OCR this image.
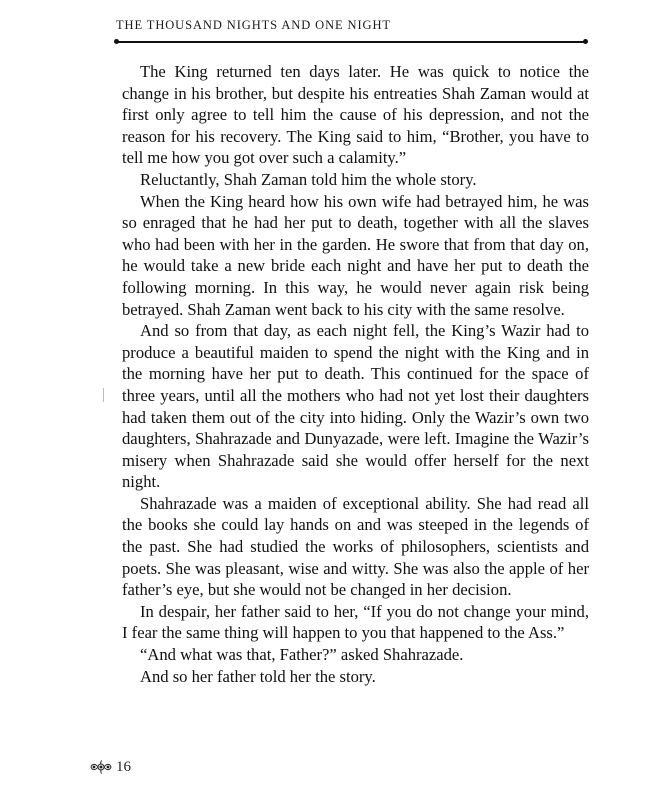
THE THOUSAND NIGHTS AND ONE NIGHT

The King returned ten days later. He was quick to notice the change in his brother, but despite his entreaties Shah Zaman would at first only agree to tell him the cause of his depression, and not the reason for his recovery. The King said to him, “Brother, you have to tell me how you got over such a calamity.”

Reluctantly, Shah Zaman told him the whole story.

When the King heard how his own wife had betrayed him, he was so enraged that he had her put to death, together with all the slaves who had been with her in the garden. He swore that from that day on, he would take a new bride each night and have her put to death the following morning. In this way, he would never again risk being betrayed. Shah Zaman went back to his city with the same resolve.

And so from that day, as each night fell, the King’s Wazir had to produce a beautiful maiden to spend the night with the King and in the morning have her put to death. This continued for the space of three years, until all the mothers who had not yet lost their daughters had taken them out of the city into hiding. Only the Wazir’s own two daughters, Shahrazade and Dunyazade, were left. Imagine the Wazir’s misery when Shahrazade said she would offer herself for the next night.

Shahrazade was a maiden of exceptional ability. She had read all the books she could lay hands on and was steeped in the legends of the past. She had studied the works of philosophers, scientists and poets. She was pleasant, wise and witty. She was also the apple of her father’s eye, but she would not be changed in her decision.

In despair, her father said to her, “If you do not change your mind, I fear the same thing will happen to you that happened to the Ass.”

“And what was that, Father?” asked Shahrazade.

And so her father told her the story.

16
